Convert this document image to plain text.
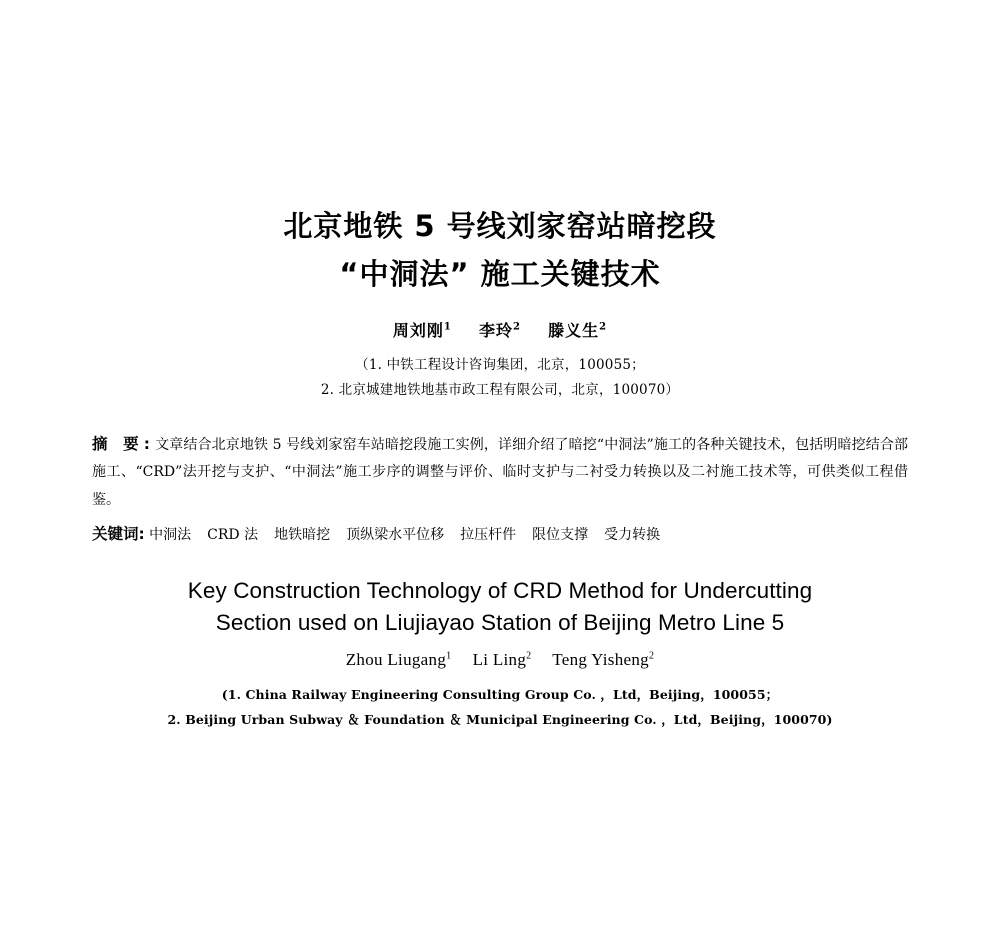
北京地铁 5 号线刘家窑站暗挖段
“中洞法” 施工关键技术
周刘刚$^1$ 李玲$^2$ 滕义生$^2$
（1. 中铁工程设计咨询集团，北京，100055；
2. 北京城建地铁地基市政工程有限公司，北京，100070）
摘 要:文章结合北京地铁 5 号线刘家窑车站暗挖段施工实例，详细介绍了暗挖“中洞法”施工的各种关键技术，包括明暗挖结合部施工、“CRD”法开挖与支护、“中洞法”施工步序的调整与评价、临时支护与二衬受力转换以及二衬施工技术等，可供类似工程借鉴。
关键词: 中洞法 CRD 法 地铁暗挖 顶纵梁水平位移 拉压杆件 限位支撑 受力转换
Key Construction Technology of CRD Method for Undercutting
Section used on Liujiayao Station of Beijing Metro Line 5
Zhou Liugang$^1$ Li Ling$^2$ Teng Yisheng$^2$
(1. China Railway Engineering Consulting Group Co. ，Ltd，Beijing，100055；
2. Beijing Urban Subway ＆ Foundation ＆ Municipal Engineering Co. ，Ltd，Beijing，100070)
